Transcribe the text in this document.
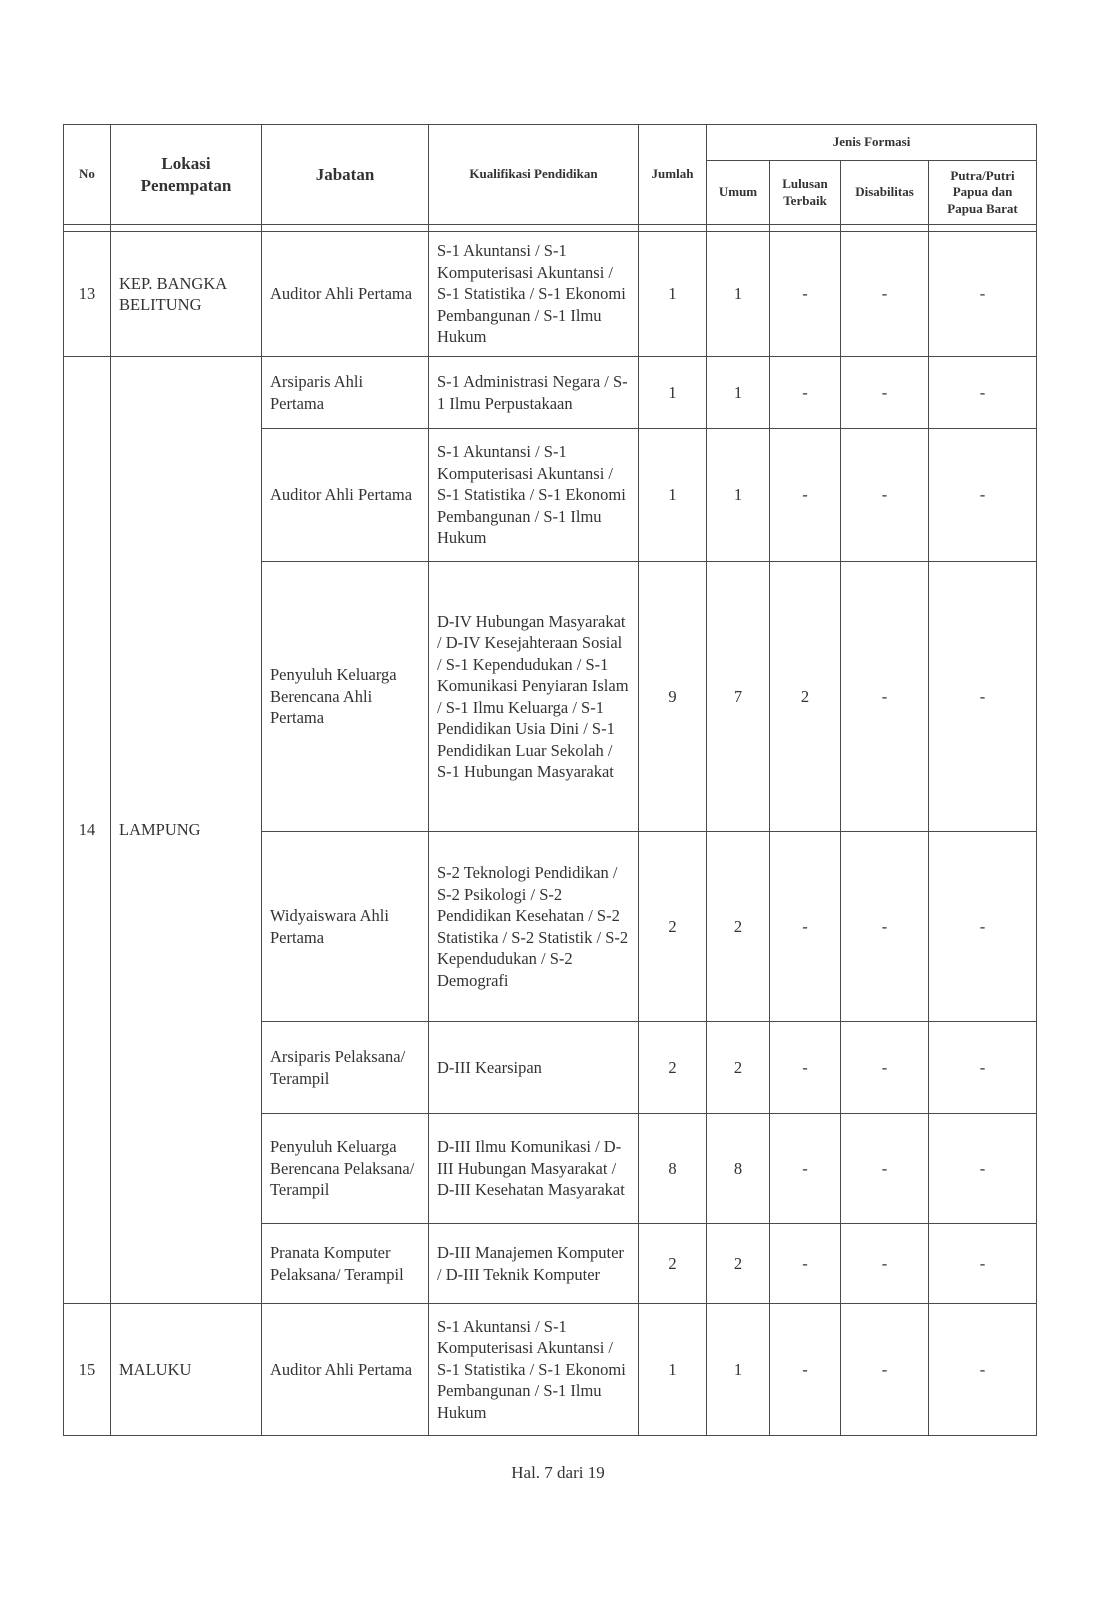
No	Lokasi Penempatan	Jabatan	Kualifikasi Pendidikan	Jumlah	Jenis Formasi			
					Umum	Lulusan Terbaik	Disabilitas	Putra/Putri Papua dan Papua Barat

13	KEP. BANGKA BELITUNG	Auditor Ahli Pertama	S-1 Akuntansi / S-1 Komputerisasi Akuntansi / S-1 Statistika / S-1 Ekonomi Pembangunan / S-1 Ilmu Hukum	1	1	-	-	-
14	LAMPUNG	Arsiparis Ahli Pertama	S-1 Administrasi Negara / S-1 Ilmu Perpustakaan	1	1	-	-	-
		Auditor Ahli Pertama	S-1 Akuntansi / S-1 Komputerisasi Akuntansi / S-1 Statistika / S-1 Ekonomi Pembangunan / S-1 Ilmu Hukum	1	1	-	-	-
		Penyuluh Keluarga Berencana Ahli Pertama	D-IV Hubungan Masyarakat / D-IV Kesejahteraan Sosial / S-1 Kependudukan / S-1 Komunikasi Penyiaran Islam / S-1 Ilmu Keluarga / S-1 Pendidikan Usia Dini / S-1 Pendidikan Luar Sekolah / S-1 Hubungan Masyarakat	9	7	2	-	-
		Widyaiswara Ahli Pertama	S-2 Teknologi Pendidikan / S-2 Psikologi / S-2 Pendidikan Kesehatan / S-2 Statistika / S-2 Statistik / S-2 Kependudukan / S-2 Demografi	2	2	-	-	-
		Arsiparis Pelaksana/ Terampil	D-III Kearsipan	2	2	-	-	-
		Penyuluh Keluarga Berencana Pelaksana/ Terampil	D-III Ilmu Komunikasi / D-III Hubungan Masyarakat / D-III Kesehatan Masyarakat	8	8	-	-	-
		Pranata Komputer Pelaksana/ Terampil	D-III Manajemen Komputer / D-III Teknik Komputer	2	2	-	-	-
15	MALUKU	Auditor Ahli Pertama	S-1 Akuntansi / S-1 Komputerisasi Akuntansi / S-1 Statistika / S-1 Ekonomi Pembangunan / S-1 Ilmu Hukum	1	1	-	-	-
Hal. 7 dari 19
